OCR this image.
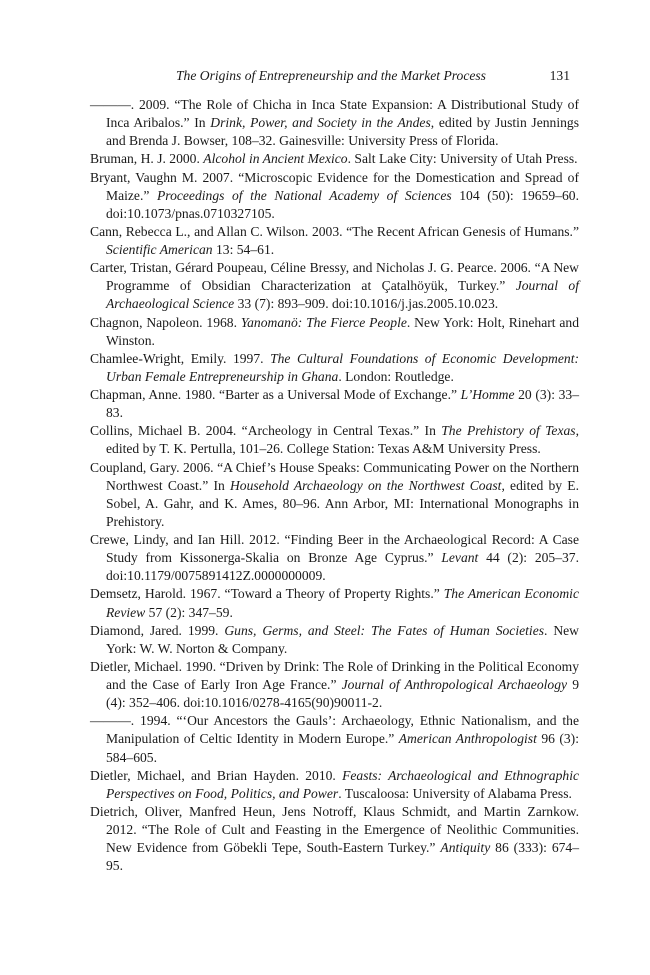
The Origins of Entrepreneurship and the Market Process	131

———. 2009. “The Role of Chicha in Inca State Expansion: A Distributional Study of Inca Aribalos.” In Drink, Power, and Society in the Andes, edited by Justin Jennings and Brenda J. Bowser, 108–32. Gainesville: University Press of Florida.

Bruman, H. J. 2000. Alcohol in Ancient Mexico. Salt Lake City: University of Utah Press.

Bryant, Vaughn M. 2007. “Microscopic Evidence for the Domestication and Spread of Maize.” Proceedings of the National Academy of Sciences 104 (50): 19659–60. doi:10.1073/pnas.0710327105.

Cann, Rebecca L., and Allan C. Wilson. 2003. “The Recent African Genesis of Humans.” Scientific American 13: 54–61.

Carter, Tristan, Gérard Poupeau, Céline Bressy, and Nicholas J. G. Pearce. 2006. “A New Programme of Obsidian Characterization at Çatalhöyük, Turkey.” Journal of Archaeological Science 33 (7): 893–909. doi:10.1016/j.jas.2005.10.023.

Chagnon, Napoleon. 1968. Yanomanö: The Fierce People. New York: Holt, Rinehart and Winston.

Chamlee-Wright, Emily. 1997. The Cultural Foundations of Economic Development: Urban Female Entrepreneurship in Ghana. London: Routledge.

Chapman, Anne. 1980. “Barter as a Universal Mode of Exchange.” L’Homme 20 (3): 33–83.

Collins, Michael B. 2004. “Archeology in Central Texas.” In The Prehistory of Texas, edited by T. K. Pertulla, 101–26. College Station: Texas A&M University Press.

Coupland, Gary. 2006. “A Chief’s House Speaks: Communicating Power on the Northern Northwest Coast.” In Household Archaeology on the Northwest Coast, edited by E. Sobel, A. Gahr, and K. Ames, 80–96. Ann Arbor, MI: International Monographs in Prehistory.

Crewe, Lindy, and Ian Hill. 2012. “Finding Beer in the Archaeological Record: A Case Study from Kissonerga-Skalia on Bronze Age Cyprus.” Levant 44 (2): 205–37. doi:10.1179/0075891412Z.0000000009.

Demsetz, Harold. 1967. “Toward a Theory of Property Rights.” The American Economic Review 57 (2): 347–59.

Diamond, Jared. 1999. Guns, Germs, and Steel: The Fates of Human Societies. New York: W. W. Norton & Company.

Dietler, Michael. 1990. “Driven by Drink: The Role of Drinking in the Political Economy and the Case of Early Iron Age France.” Journal of Anthropological Archaeology 9 (4): 352–406. doi:10.1016/0278-4165(90)90011-2.

———. 1994. “‘Our Ancestors the Gauls’: Archaeology, Ethnic Nationalism, and the Manipulation of Celtic Identity in Modern Europe.” American Anthropologist 96 (3): 584–605.

Dietler, Michael, and Brian Hayden. 2010. Feasts: Archaeological and Ethnographic Perspectives on Food, Politics, and Power. Tuscaloosa: University of Alabama Press.

Dietrich, Oliver, Manfred Heun, Jens Notroff, Klaus Schmidt, and Martin Zarnkow. 2012. “The Role of Cult and Feasting in the Emergence of Neolithic Communities. New Evidence from Göbekli Tepe, South-Eastern Turkey.” Antiquity 86 (333): 674–95.
